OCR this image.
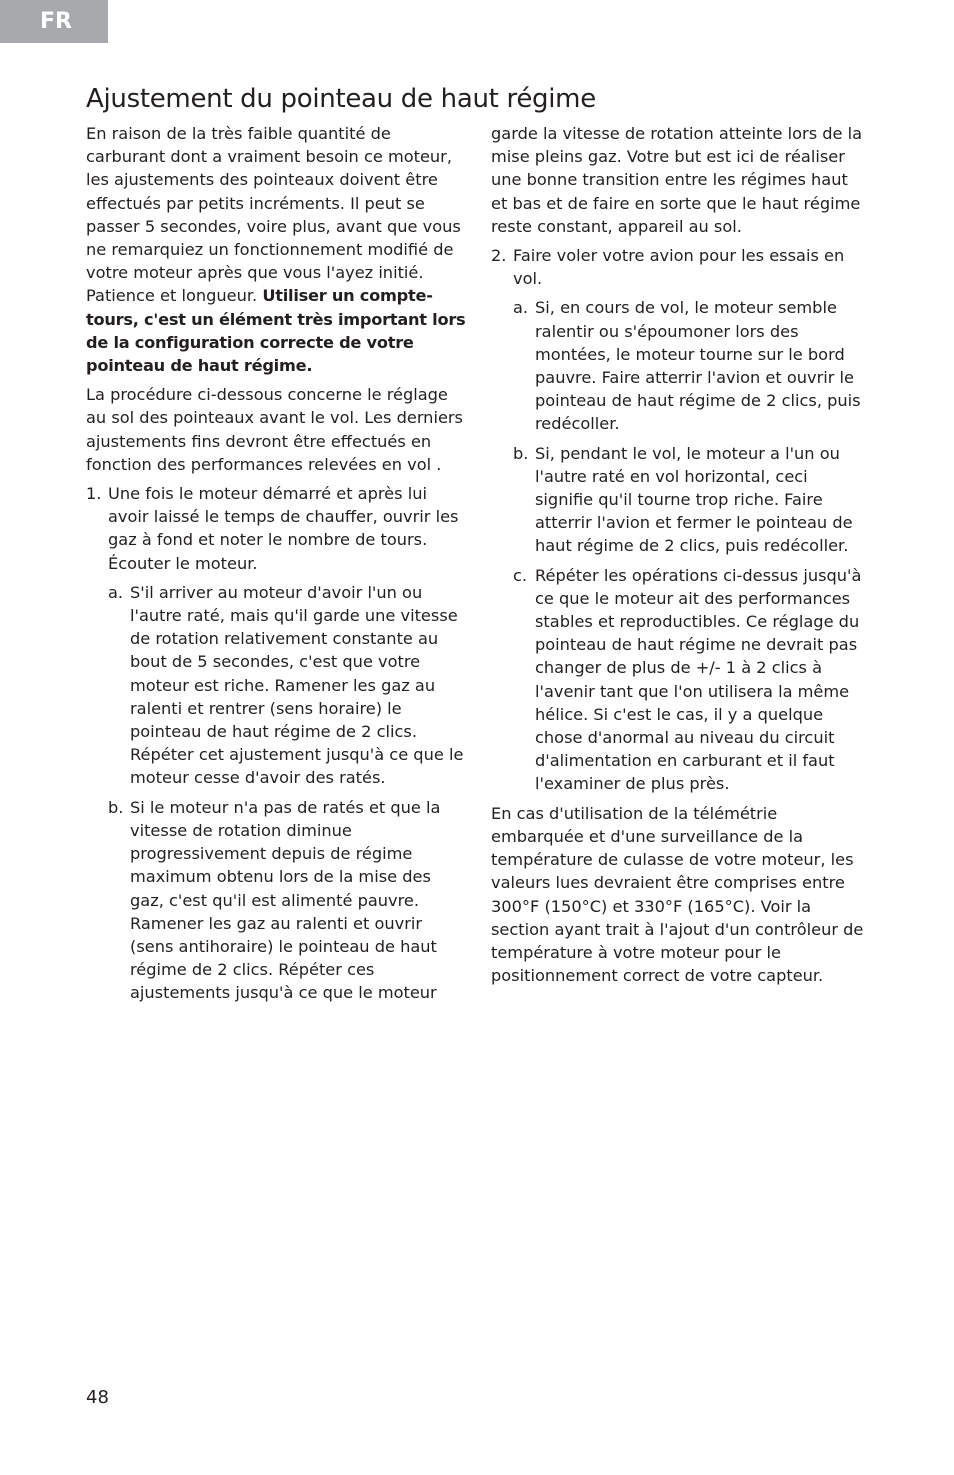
FR
Ajustement du pointeau de haut régime

En raison de la très faible quantité de carburant dont a vraiment besoin ce moteur, les ajustements des pointeaux doivent être effectués par petits incréments. Il peut se passer 5 secondes, voire plus, avant que vous ne remarquiez un fonctionnement modifié de votre moteur après que vous l'ayez initié. Patience et longueur. Utiliser un compte-tours, c'est un élément très important lors de la configuration correcte de votre pointeau de haut régime.

La procédure ci-dessous concerne le réglage au sol des pointeaux avant le vol. Les derniers ajustements fins devront être effectués en fonction des performances relevées en vol .

1. Une fois le moteur démarré et après lui avoir laissé le temps de chauffer, ouvrir les gaz à fond et noter le nombre de tours. Écouter le moteur.

a. S'il arriver au moteur d'avoir l'un ou l'autre raté, mais qu'il garde une vitesse de rotation relativement constante au bout de 5 secondes, c'est que votre moteur est riche. Ramener les gaz au ralenti et rentrer (sens horaire) le pointeau de haut régime de 2 clics. Répéter cet ajustement jusqu'à ce que le moteur cesse d'avoir des ratés.

b. Si le moteur n'a pas de ratés et que la vitesse de rotation diminue progressivement depuis de régime maximum obtenu lors de la mise des gaz, c'est qu'il est alimenté pauvre. Ramener les gaz au ralenti et ouvrir (sens antihoraire) le pointeau de haut régime de 2 clics. Répéter ces ajustements jusqu'à ce que le moteur

garde la vitesse de rotation atteinte lors de la mise pleins gaz. Votre but est ici de réaliser une bonne transition entre les régimes haut et bas et de faire en sorte que le haut régime reste constant, appareil au sol.

2. Faire voler votre avion pour les essais en vol.

a. Si, en cours de vol, le moteur semble ralentir ou s'époumoner lors des montées, le moteur tourne sur le bord pauvre. Faire atterrir l'avion et ouvrir le pointeau de haut régime de 2 clics, puis redécoller.

b. Si, pendant le vol, le moteur a l'un ou l'autre raté en vol horizontal, ceci signifie qu'il tourne trop riche. Faire atterrir l'avion et fermer le pointeau de haut régime de 2 clics, puis redécoller.

c. Répéter les opérations ci-dessus jusqu'à ce que le moteur ait des performances stables et reproductibles. Ce réglage du pointeau de haut régime ne devrait pas changer de plus de +/- 1 à 2 clics à l'avenir tant que l'on utilisera la même hélice. Si c'est le cas, il y a quelque chose d'anormal au niveau du circuit d'alimentation en carburant et il faut l'examiner de plus près.

En cas d'utilisation de la télémétrie embarquée et d'une surveillance de la température de culasse de votre moteur, les valeurs lues devraient être comprises entre 300°F (150°C) et 330°F (165°C). Voir la section ayant trait à l'ajout d'un contrôleur de température à votre moteur pour le positionnement correct de votre capteur.

48
